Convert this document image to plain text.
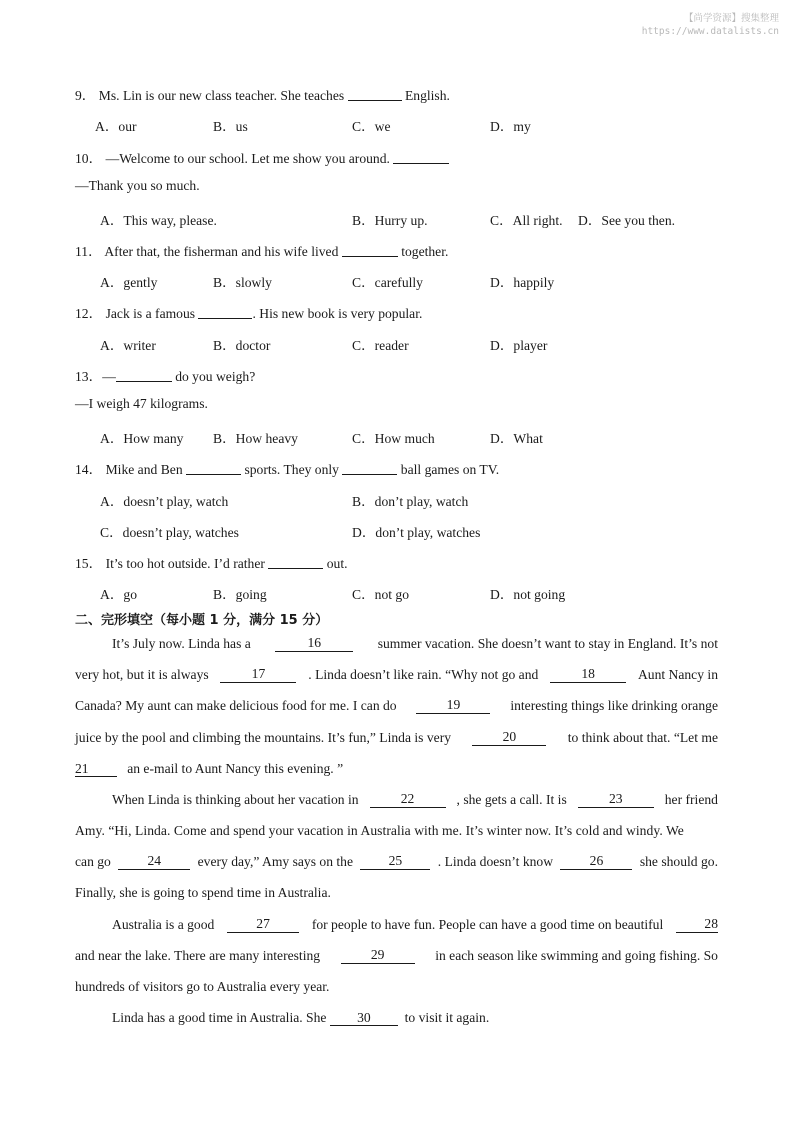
【尚学资源】搜集整理
https://www.datalists.cn
9． Ms. Lin is our new class teacher. She teaches	English.
A．our	B．us	C．we	D．my
10． —Welcome to our school. Let me show you around.
—Thank you so much.
A．This way, please.	B．Hurry up.	C．All right. D．See you then.
11． After that, the fisherman and his wife lived	together.
A．gently	B．slowly	C．carefully	D．happily
12． Jack is a famous	. His new book is very popular.
A．writer	B．doctor	C．reader	D．player
13．—	do you weigh?
—I weigh 47 kilograms.
A．How many B．How heavy	C．How much	D．What
14． Mike and Ben	sports. They only	ball games on TV.
A．doesn’t play, watch	B．don’t play, watch
C．doesn’t play, watches	D．don’t play, watches
15． It’s too hot outside. I’d rather	out.
A．go	B．going	C．not go	D．not going
二、完形填空（每小题 1 分，满分 15 分）
It’s July now. Linda has a	16	summer vacation. She doesn’t want to stay in England. It’s not
very hot, but it is always	17	. Linda doesn’t like rain. “Why not go and	18	Aunt Nancy in
Canada? My aunt can make delicious food for me. I can do	19	interesting things like drinking orange
juice by the pool and climbing the mountains. It’s fun,” Linda is very	20	to think about that. “Let me
21	an e-mail to Aunt Nancy this evening. ”
When Linda is thinking about her vacation in	22	, she gets a call. It is	23	her friend
Amy. “Hi, Linda. Come and spend your vacation in Australia with me. It’s winter now. It’s cold and windy. We
can go	24	every day,” Amy says on the	25	. Linda doesn’t know	26	she should go.
Finally, she is going to spend time in Australia.
Australia is a good	27	for people to have fun. People can have a good time on beautiful	28
and near the lake. There are many interesting	29	in each season like swimming and going fishing. So
hundreds of visitors go to Australia every year.
Linda has a good time in Australia. She 30	to visit it again.
